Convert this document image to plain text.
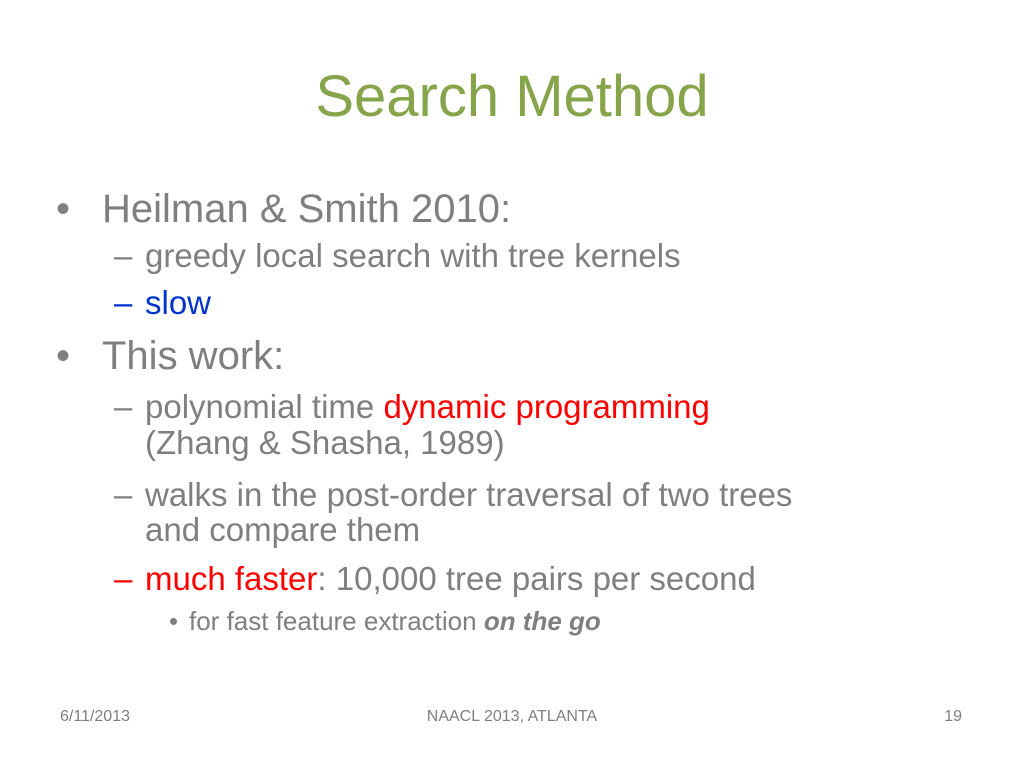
Search Method
• Heilman & Smith 2010:
– greedy local search with tree kernels
– slow
• This work:
– polynomial time dynamic programming
(Zhang & Shasha, 1989)
– walks in the post-order traversal of two trees
and compare them
– much faster: 10,000 tree pairs per second
• for fast feature extraction on the go
6/11/2013	NAACL 2013, ATLANTA	19
